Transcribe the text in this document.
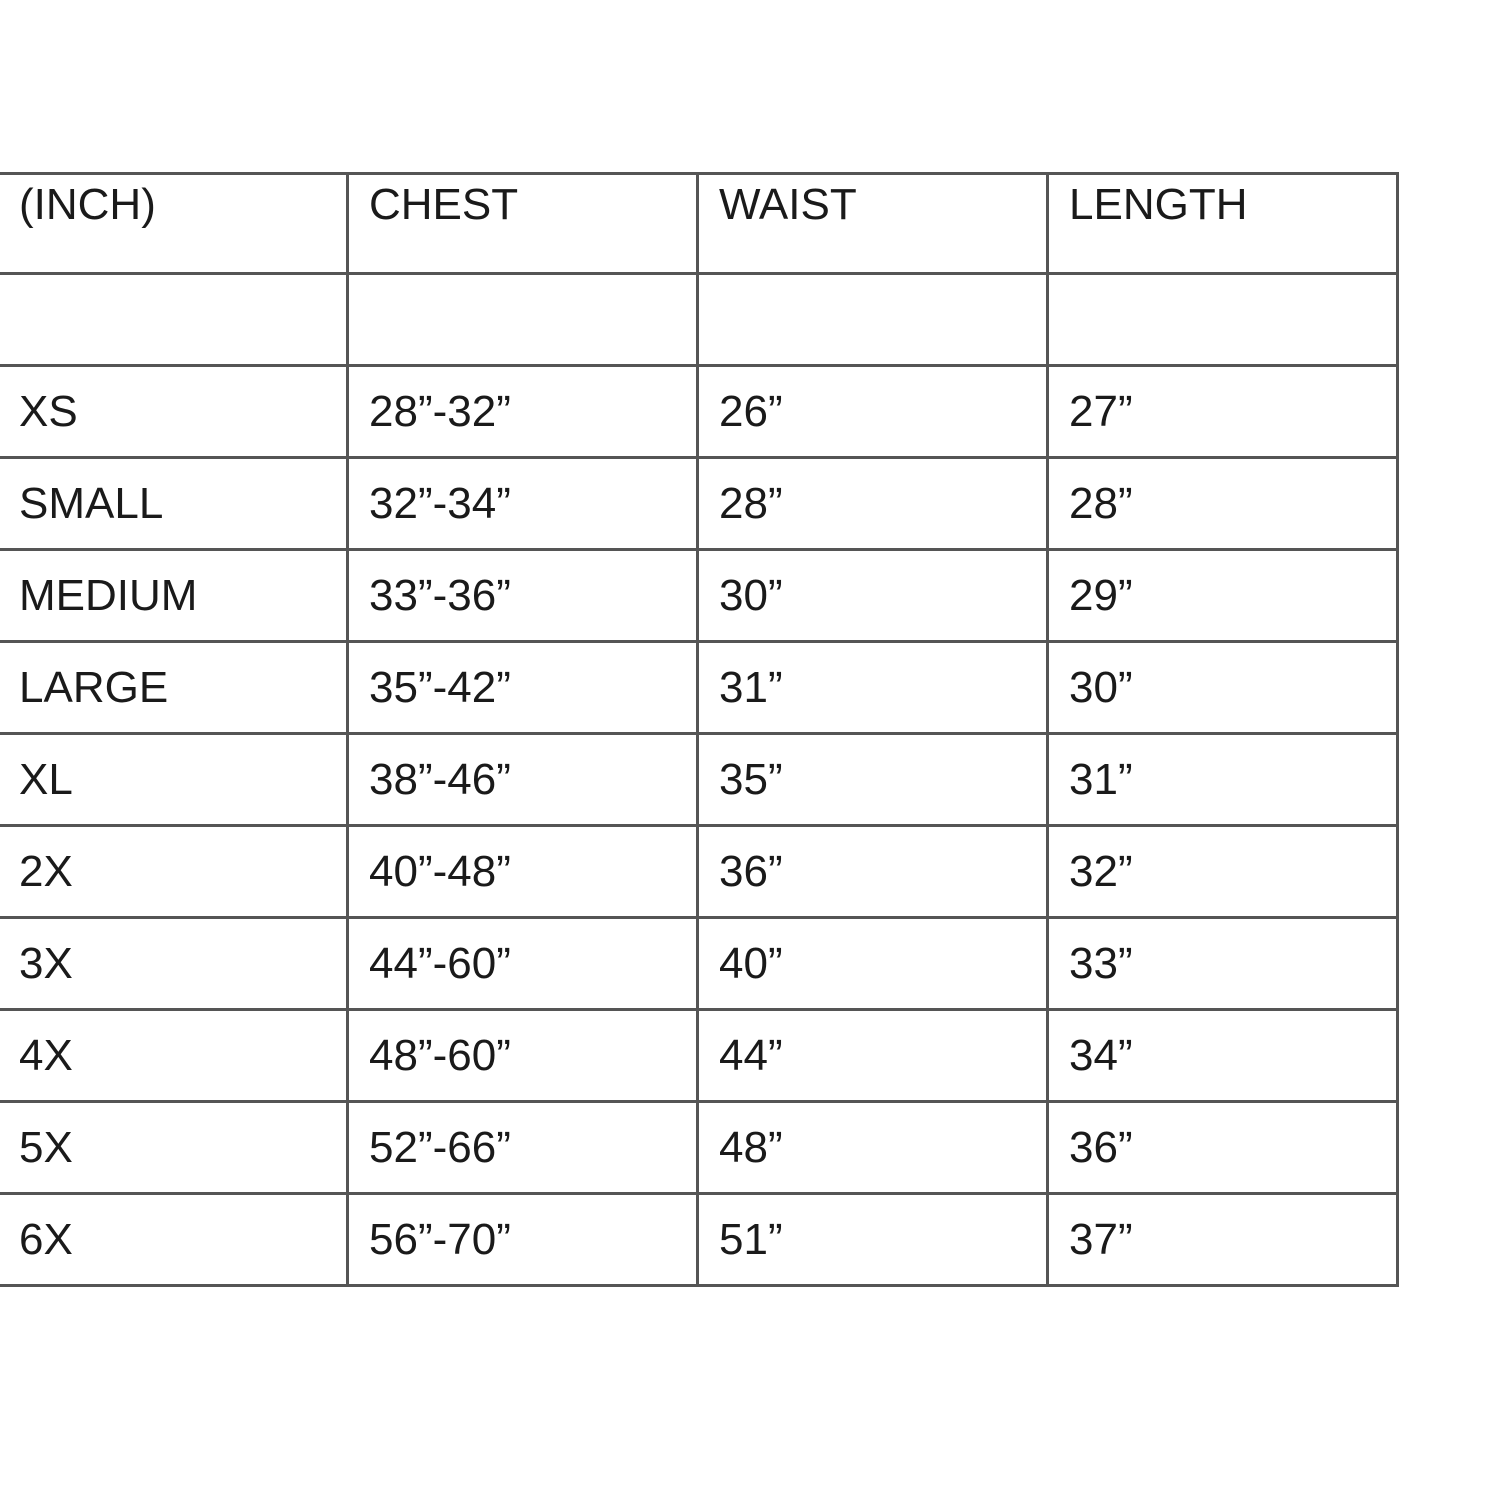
(INCH)	CHEST	WAIST	LENGTH

XS	28”-32”	26”	27”
SMALL	32”-34”	28”	28”
MEDIUM	33”-36”	30”	29”
LARGE	35”-42”	31”	30”
XL	38”-46”	35”	31”
2X	40”-48”	36”	32”
3X	44”-60”	40”	33”
4X	48”-60”	44”	34”
5X	52”-66”	48”	36”
6X	56”-70”	51”	37”
